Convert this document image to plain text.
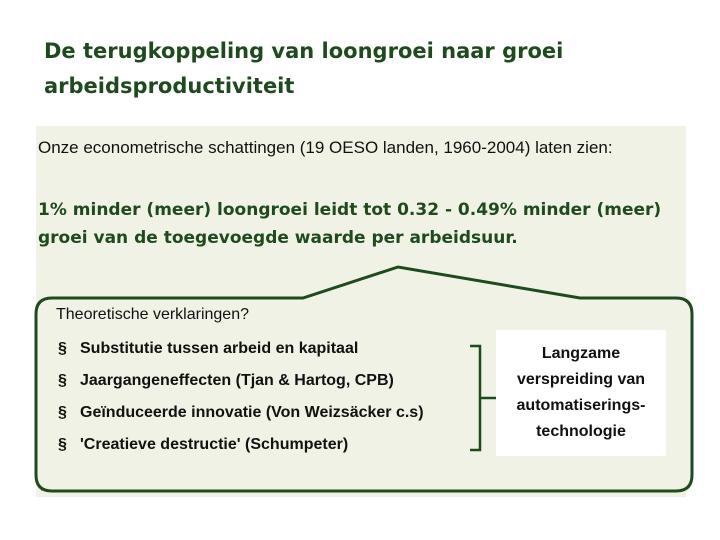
De terugkoppeling van loongroei naar groei
arbeidsproductiviteit
Onze econometrische schattingen (19 OESO landen, 1960-2004) laten zien:
1% minder (meer) loongroei leidt tot 0.32 - 0.49% minder (meer) groei van de toegevoegde waarde per arbeidsuur.
Theoretische verklaringen?
§ Substitutie tussen arbeid en kapitaal
§ Jaargangeneffecten (Tjan & Hartog, CPB)
§ Geïnduceerde innovatie (Von Weizsäcker c.s)
§ 'Creatieve destructie' (Schumpeter)
Langzame
verspreiding van
automatiserings-
technologie
